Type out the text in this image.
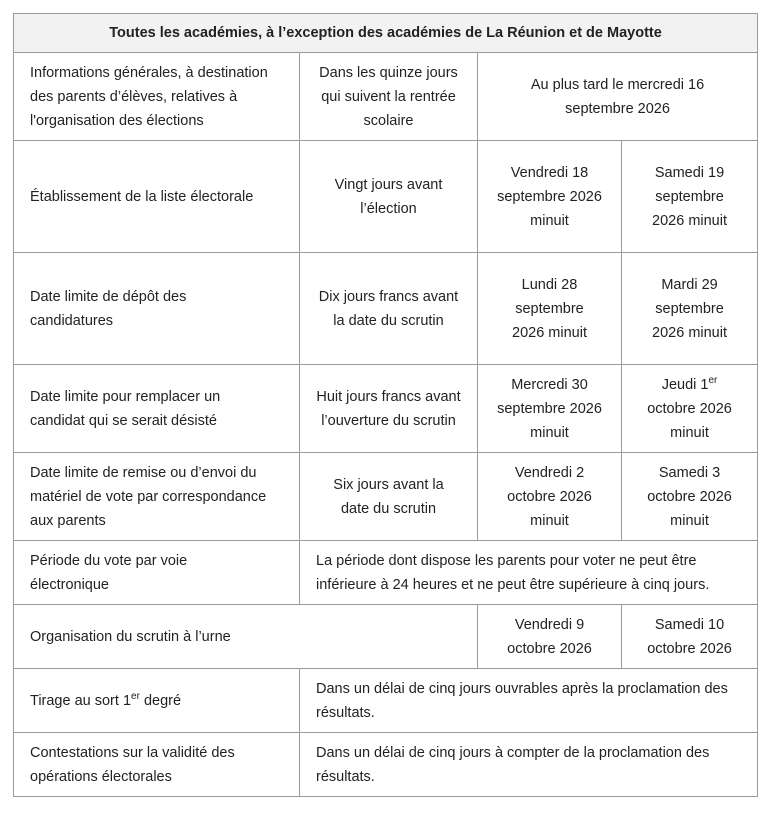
Toutes les académies, à l’exception des académies de La Réunion et de Mayotte			
Informations générales, à destination des parents d’élèves, relatives à l'organisation des élections	Dans les quinze jours qui suivent la rentrée scolaire	Au plus tard le mercredi 16 septembre 2026	
Établissement de la liste électorale	Vingt jours avant l’élection	Vendredi 18 septembre 2026 minuit	Samedi 19 septembre 2026 minuit
Date limite de dépôt des candidatures	Dix jours francs avant la date du scrutin	Lundi 28 septembre 2026 minuit	Mardi 29 septembre 2026 minuit
Date limite pour remplacer un candidat qui se serait désisté	Huit jours francs avant l’ouverture du scrutin	Mercredi 30 septembre 2026 minuit	Jeudi 1er octobre 2026 minuit
Date limite de remise ou d’envoi du matériel de vote par correspondance aux parents	Six jours avant la date du scrutin	Vendredi 2 octobre 2026 minuit	Samedi 3 octobre 2026 minuit
Période du vote par voie électronique	La période dont dispose les parents pour voter ne peut être inférieure à 24 heures et ne peut être supérieure à cinq jours.		
Organisation du scrutin à l’urne		Vendredi 9 octobre 2026	Samedi 10 octobre 2026
Tirage au sort 1er degré	Dans un délai de cinq jours ouvrables après la proclamation des résultats.		
Contestations sur la validité des opérations électorales	Dans un délai de cinq jours à compter de la proclamation des résultats.		
